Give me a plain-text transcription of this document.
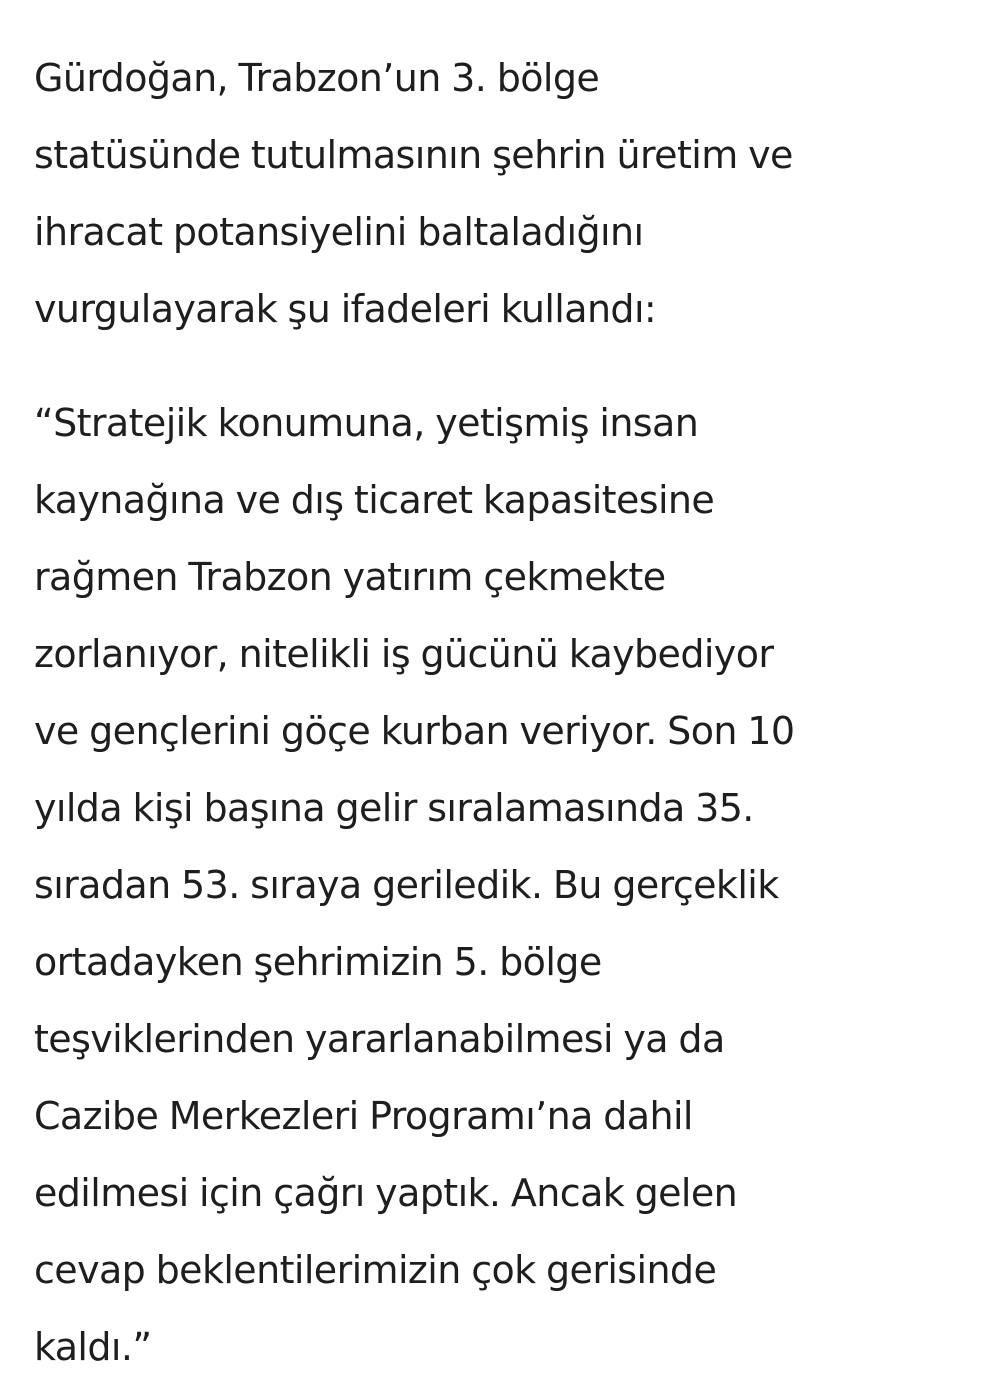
Gürdoğan, Trabzon’un 3. bölge
statüsünde tutulmasının şehrin üretim ve
ihracat potansiyelini baltaladığını
vurgulayarak şu ifadeleri kullandı:

“Stratejik konumuna, yetişmiş insan
kaynağına ve dış ticaret kapasitesine
rağmen Trabzon yatırım çekmekte
zorlanıyor, nitelikli iş gücünü kaybediyor
ve gençlerini göçe kurban veriyor. Son 10
yılda kişi başına gelir sıralamasında 35.
sıradan 53. sıraya geriledik. Bu gerçeklik
ortadayken şehrimizin 5. bölge
teşviklerinden yararlanabilmesi ya da
Cazibe Merkezleri Programı’na dahil
edilmesi için çağrı yaptık. Ancak gelen
cevap beklentilerimizin çok gerisinde
kaldı.”
